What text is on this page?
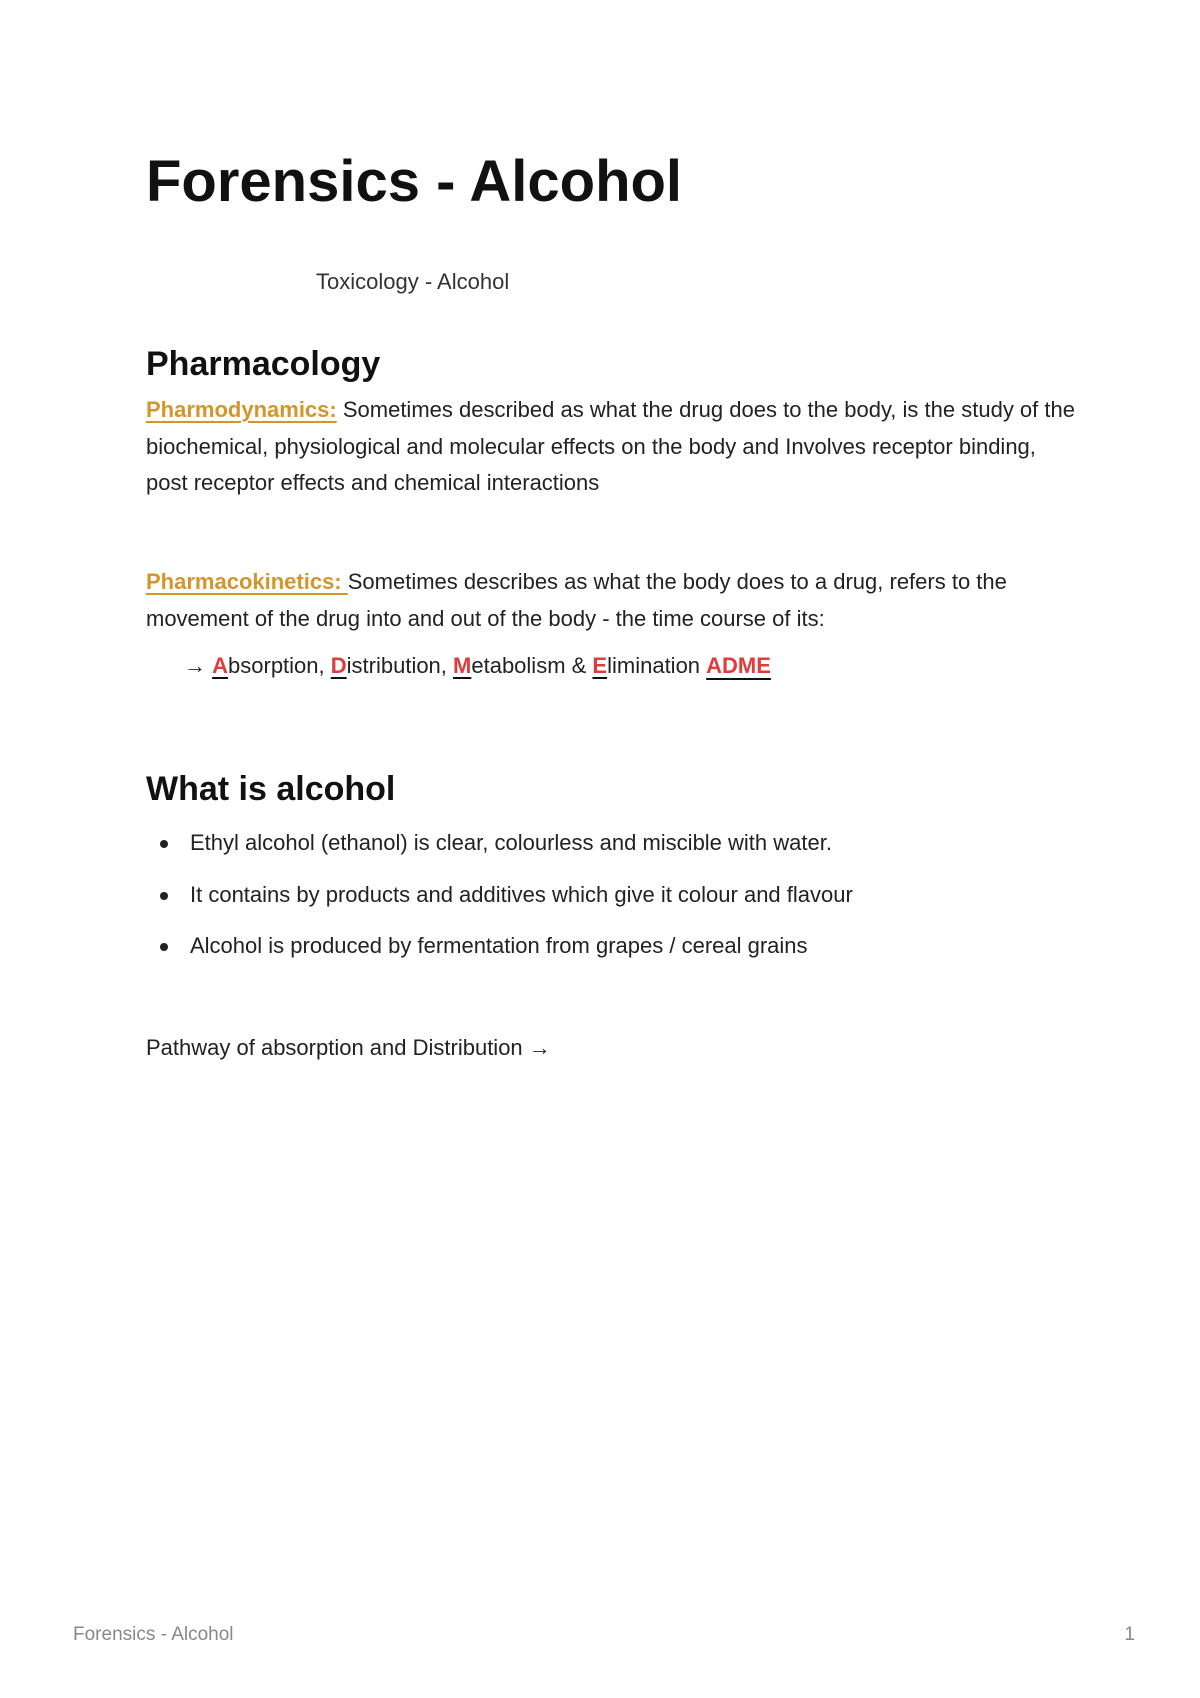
Forensics - Alcohol
Toxicology - Alcohol
Pharmacology
Pharmodynamics: Sometimes described as what the drug does to the body, is the study of the biochemical, physiological and molecular effects on the body and Involves receptor binding, post receptor effects and chemical interactions
Pharmacokinetics: Sometimes describes as what the body does to a drug, refers to the movement of the drug into and out of the body - the time course of its:
→ Absorption, Distribution, Metabolism & Elimination ADME
What is alcohol
Ethyl alcohol (ethanol) is clear, colourless and miscible with water.
It contains by products and additives which give it colour and flavour
Alcohol is produced by fermentation from grapes / cereal grains
Pathway of absorption and Distribution →
Forensics - Alcohol	1
